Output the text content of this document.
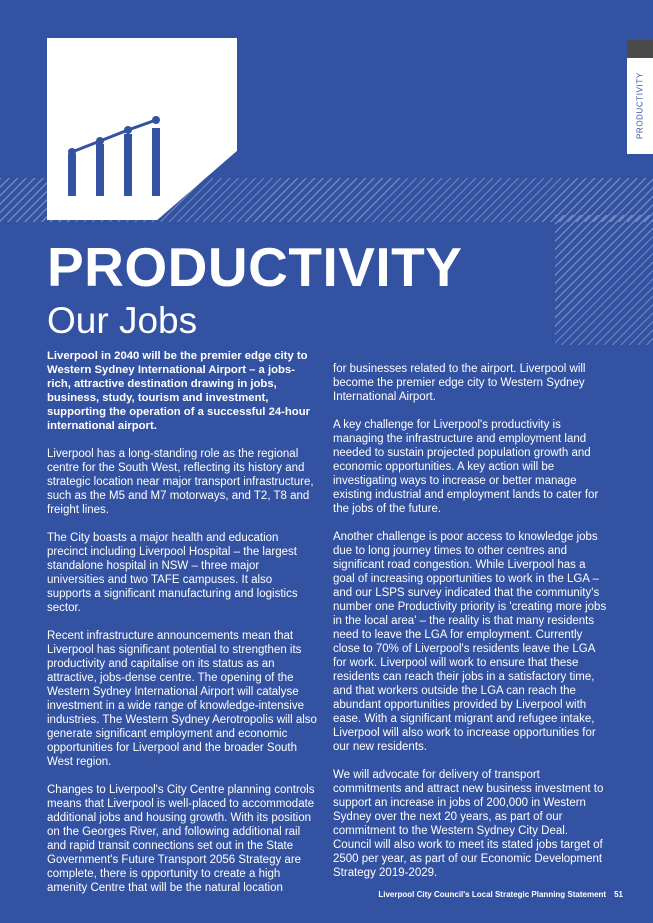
PRODUCTIVITY
PRODUCTIVITY
Our Jobs

Liverpool in 2040 will be the premier edge city to Western Sydney International Airport – a jobs-rich, attractive destination drawing in jobs, business, study, tourism and investment, supporting the operation of a successful 24-hour international airport.

Liverpool has a long-standing role as the regional centre for the South West, reflecting its history and strategic location near major transport infrastructure, such as the M5 and M7 motorways, and T2, T8 and freight lines.

The City boasts a major health and education precinct including Liverpool Hospital – the largest standalone hospital in NSW – three major universities and two TAFE campuses. It also supports a significant manufacturing and logistics sector.

Recent infrastructure announcements mean that Liverpool has significant potential to strengthen its productivity and capitalise on its status as an attractive, jobs-dense centre. The opening of the Western Sydney International Airport will catalyse investment in a wide range of knowledge-intensive industries. The Western Sydney Aerotropolis will also generate significant employment and economic opportunities for Liverpool and the broader South West region.

Changes to Liverpool's City Centre planning controls means that Liverpool is well-placed to accommodate additional jobs and housing growth. With its position on the Georges River, and following additional rail and rapid transit connections set out in the State Government's Future Transport 2056 Strategy are complete, there is opportunity to create a high amenity Centre that will be the natural location

for businesses related to the airport. Liverpool will become the premier edge city to Western Sydney International Airport.

A key challenge for Liverpool's productivity is managing the infrastructure and employment land needed to sustain projected population growth and economic opportunities. A key action will be investigating ways to increase or better manage existing industrial and employment lands to cater for the jobs of the future.

Another challenge is poor access to knowledge jobs due to long journey times to other centres and significant road congestion. While Liverpool has a goal of increasing opportunities to work in the LGA – and our LSPS survey indicated that the community's number one Productivity priority is 'creating more jobs in the local area' – the reality is that many residents need to leave the LGA for employment. Currently close to 70% of Liverpool's residents leave the LGA for work. Liverpool will work to ensure that these residents can reach their jobs in a satisfactory time, and that workers outside the LGA can reach the abundant opportunities provided by Liverpool with ease. With a significant migrant and refugee intake, Liverpool will also work to increase opportunities for our new residents.

We will advocate for delivery of transport commitments and attract new business investment to support an increase in jobs of 200,000 in Western Sydney over the next 20 years, as part of our commitment to the Western Sydney City Deal. Council will also work to meet its stated jobs target of 2500 per year, as part of our Economic Development Strategy 2019-2029.

Liverpool City Council's Local Strategic Planning Statement 51
